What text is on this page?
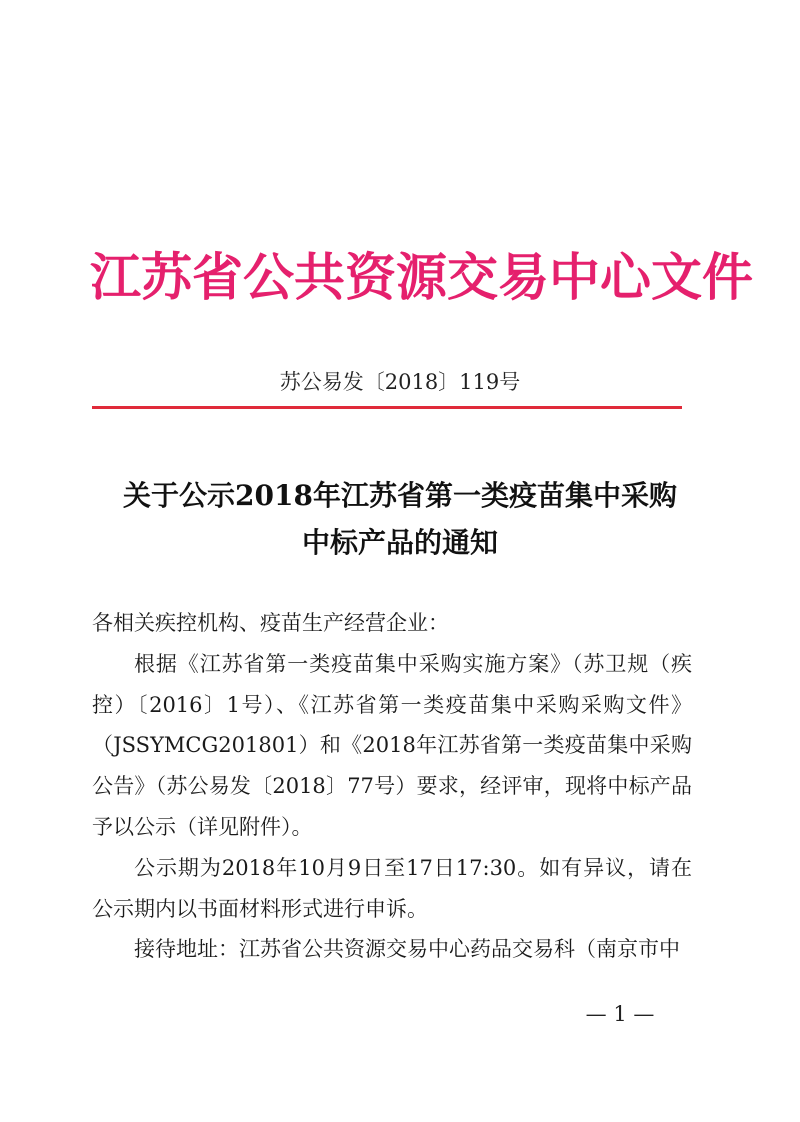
江苏省公共资源交易中心文件
苏公易发〔2018〕119号
关于公示2018年江苏省第一类疫苗集中采购
中标产品的通知

各相关疾控机构、疫苗生产经营企业：

根据《江苏省第一类疫苗集中采购实施方案》（苏卫规（疾控）〔2016〕1号）、《江苏省第一类疫苗集中采购采购文件》（JSSYMCG201801）和《2018年江苏省第一类疫苗集中采购公告》（苏公易发〔2018〕77号）要求，经评审，现将中标产品予以公示（详见附件）。

公示期为2018年10月9日至17日17:30。如有异议，请在公示期内以书面材料形式进行申诉。

接待地址：江苏省公共资源交易中心药品交易科（南京市中

— 1 —
